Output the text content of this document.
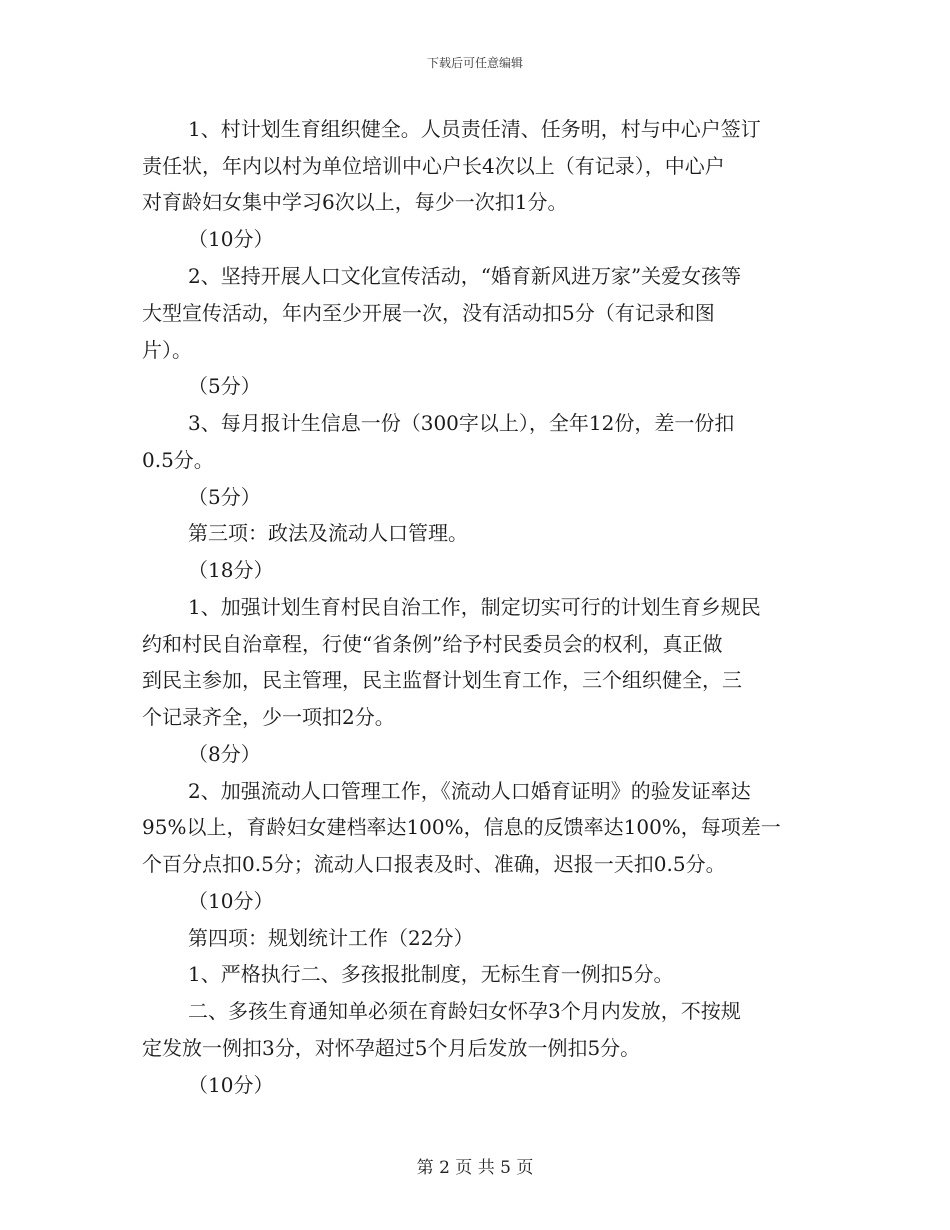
下载后可任意编辑
1、村计划生育组织健全。人员责任清、任务明，村与中心户签订
责任状，年内以村为单位培训中心户长4次以上（有记录），中心户
对育龄妇女集中学习6次以上，每少一次扣1分。
（10分）
2、坚持开展人口文化宣传活动，“婚育新风进万家”关爱女孩等
大型宣传活动，年内至少开展一次，没有活动扣5分（有记录和图
片）。
（5分）
3、每月报计生信息一份（300字以上），全年12份，差一份扣
0.5分。
（5分）
第三项：政法及流动人口管理。
（18分）
1、加强计划生育村民自治工作，制定切实可行的计划生育乡规民
约和村民自治章程，行使“省条例”给予村民委员会的权利，真正做
到民主参加，民主管理，民主监督计划生育工作，三个组织健全，三
个记录齐全，少一项扣2分。
（8分）
2、加强流动人口管理工作，《流动人口婚育证明》的验发证率达
95%以上，育龄妇女建档率达100%，信息的反馈率达100%，每项差一
个百分点扣0.5分；流动人口报表及时、准确，迟报一天扣0.5分。
（10分）
第四项：规划统计工作（22分）
1、严格执行二、多孩报批制度，无标生育一例扣5分。
二、多孩生育通知单必须在育龄妇女怀孕3个月内发放，不按规
定发放一例扣3分，对怀孕超过5个月后发放一例扣5分。
（10分）
第 2 页 共 5 页
